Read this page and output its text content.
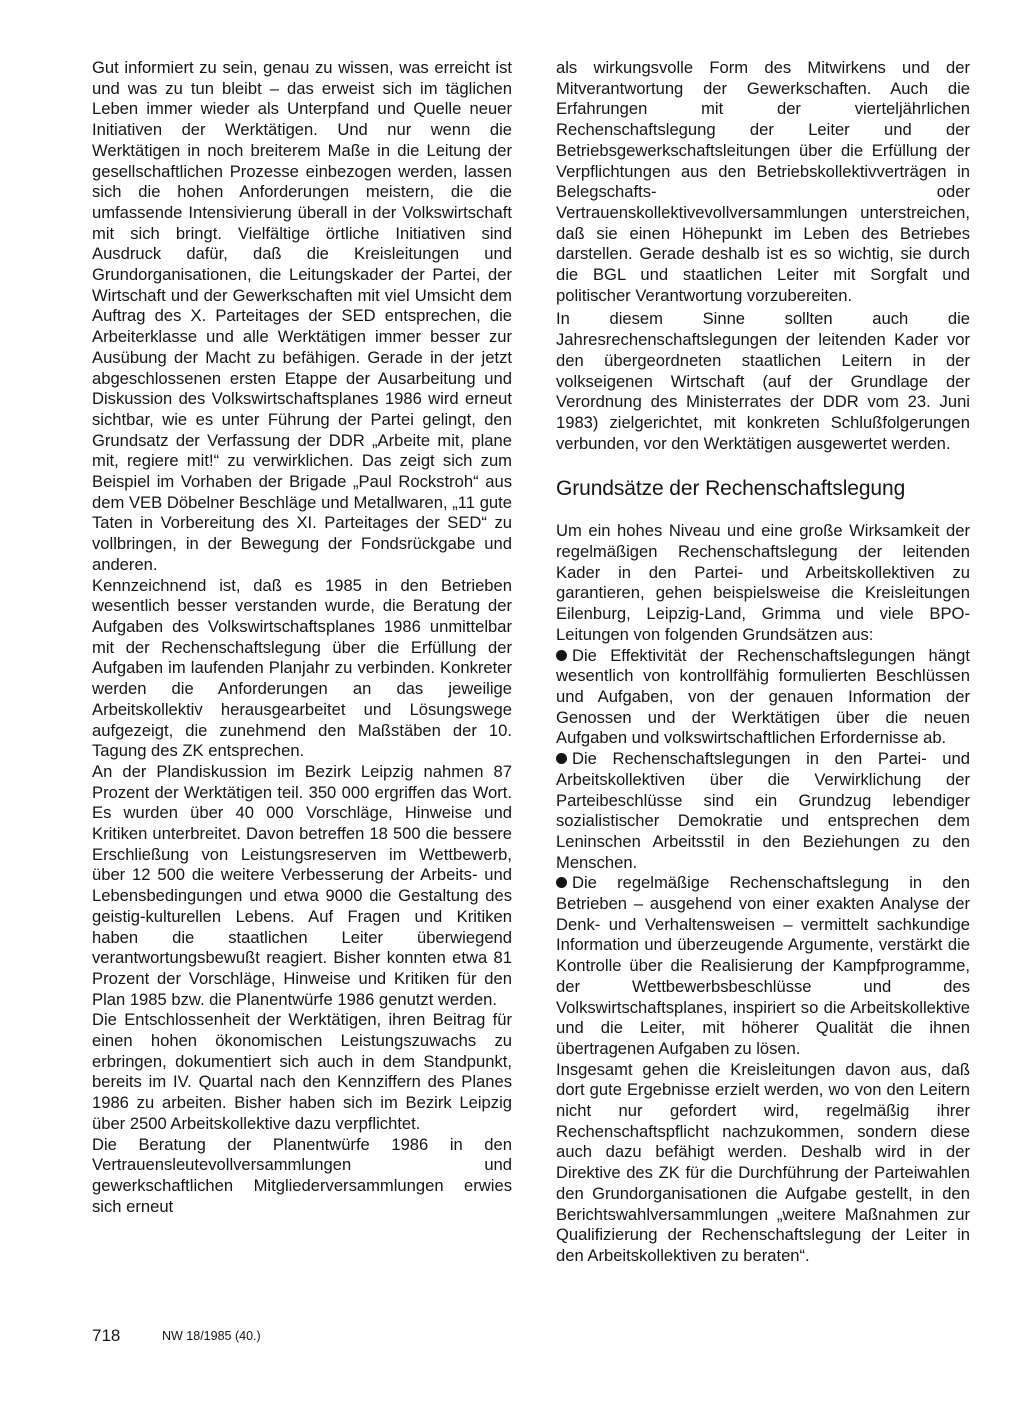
Gut informiert zu sein, genau zu wissen, was erreicht ist und was zu tun bleibt – das erweist sich im täglichen Leben immer wieder als Unterpfand und Quelle neuer Initiativen der Werktätigen. Und nur wenn die Werktätigen in noch breiterem Maße in die Leitung der gesellschaftlichen Prozesse einbezogen werden, lassen sich die hohen Anforderungen meistern, die die umfassende Intensivierung überall in der Volkswirtschaft mit sich bringt. Vielfältige örtliche Initiativen sind Ausdruck dafür, daß die Kreisleitungen und Grundorganisationen, die Leitungskader der Partei, der Wirtschaft und der Gewerkschaften mit viel Umsicht dem Auftrag des X. Parteitages der SED entsprechen, die Arbeiterklasse und alle Werktätigen immer besser zur Ausübung der Macht zu befähigen. Gerade in der jetzt abgeschlossenen ersten Etappe der Ausarbeitung und Diskussion des Volkswirtschaftsplanes 1986 wird erneut sichtbar, wie es unter Führung der Partei gelingt, den Grundsatz der Verfassung der DDR „Arbeite mit, plane mit, regiere mit!“ zu verwirklichen. Das zeigt sich zum Beispiel im Vorhaben der Brigade „Paul Rockstroh“ aus dem VEB Döbelner Beschläge und Metallwaren, „11 gute Taten in Vorbereitung des XI. Parteitages der SED“ zu vollbringen, in der Bewegung der Fondsrückgabe und anderen.

Kennzeichnend ist, daß es 1985 in den Betrieben wesentlich besser verstanden wurde, die Beratung der Aufgaben des Volkswirtschaftsplanes 1986 unmittelbar mit der Rechenschaftslegung über die Erfüllung der Aufgaben im laufenden Planjahr zu verbinden. Konkreter werden die Anforderungen an das jeweilige Arbeitskollektiv herausgearbeitet und Lösungswege aufgezeigt, die zunehmend den Maßstäben der 10. Tagung des ZK entsprechen.

An der Plandiskussion im Bezirk Leipzig nahmen 87 Prozent der Werktätigen teil. 350 000 ergriffen das Wort. Es wurden über 40 000 Vorschläge, Hinweise und Kritiken unterbreitet. Davon betreffen 18 500 die bessere Erschließung von Leistungsreserven im Wettbewerb, über 12 500 die weitere Verbesserung der Arbeits- und Lebensbedingungen und etwa 9000 die Gestaltung des geistig-kulturellen Lebens. Auf Fragen und Kritiken haben die staatlichen Leiter überwiegend verantwortungsbewußt reagiert. Bisher konnten etwa 81 Prozent der Vorschläge, Hinweise und Kritiken für den Plan 1985 bzw. die Planentwürfe 1986 genutzt werden.

Die Entschlossenheit der Werktätigen, ihren Beitrag für einen hohen ökonomischen Leistungszuwachs zu erbringen, dokumentiert sich auch in dem Standpunkt, bereits im IV. Quartal nach den Kennziffern des Planes 1986 zu arbeiten. Bisher haben sich im Bezirk Leipzig über 2500 Arbeitskollektive dazu verpflichtet.

Die Beratung der Planentwürfe 1986 in den Vertrauensleutevollversammlungen und gewerkschaftlichen Mitgliederversammlungen erwies sich erneut

als wirkungsvolle Form des Mitwirkens und der Mitverantwortung der Gewerkschaften. Auch die Erfahrungen mit der vierteljährlichen Rechenschaftslegung der Leiter und der Betriebsgewerkschaftsleitungen über die Erfüllung der Verpflichtungen aus den Betriebskollektivverträgen in Belegschafts- oder Vertrauenskollektivevollversammlungen unterstreichen, daß sie einen Höhepunkt im Leben des Betriebes darstellen. Gerade deshalb ist es so wichtig, sie durch die BGL und staatlichen Leiter mit Sorgfalt und politischer Verantwortung vorzubereiten.

In diesem Sinne sollten auch die Jahresrechenschaftslegungen der leitenden Kader vor den übergeordneten staatlichen Leitern in der volkseigenen Wirtschaft (auf der Grundlage der Verordnung des Ministerrates der DDR vom 23. Juni 1983) zielgerichtet, mit konkreten Schlußfolgerungen verbunden, vor den Werktätigen ausgewertet werden.

Grundsätze der Rechenschaftslegung

Um ein hohes Niveau und eine große Wirksamkeit der regelmäßigen Rechenschaftslegung der leitenden Kader in den Partei- und Arbeitskollektiven zu garantieren, gehen beispielsweise die Kreisleitungen Eilenburg, Leipzig-Land, Grimma und viele BPO-Leitungen von folgenden Grundsätzen aus:

Die Effektivität der Rechenschaftslegungen hängt wesentlich von kontrollfähig formulierten Beschlüssen und Aufgaben, von der genauen Information der Genossen und der Werktätigen über die neuen Aufgaben und volkswirtschaftlichen Erfordernisse ab.

Die Rechenschaftslegungen in den Partei- und Arbeitskollektiven über die Verwirklichung der Parteibeschlüsse sind ein Grundzug lebendiger sozialistischer Demokratie und entsprechen dem Leninschen Arbeitsstil in den Beziehungen zu den Menschen.

Die regelmäßige Rechenschaftslegung in den Betrieben – ausgehend von einer exakten Analyse der Denk- und Verhaltensweisen – vermittelt sachkundige Information und überzeugende Argumente, verstärkt die Kontrolle über die Realisierung der Kampfprogramme, der Wettbewerbsbeschlüsse und des Volkswirtschaftsplanes, inspiriert so die Arbeitskollektive und die Leiter, mit höherer Qualität die ihnen übertragenen Aufgaben zu lösen.

Insgesamt gehen die Kreisleitungen davon aus, daß dort gute Ergebnisse erzielt werden, wo von den Leitern nicht nur gefordert wird, regelmäßig ihrer Rechenschaftspflicht nachzukommen, sondern diese auch dazu befähigt werden. Deshalb wird in der Direktive des ZK für die Durchführung der Parteiwahlen den Grundorganisationen die Aufgabe gestellt, in den Berichtswahlversammlungen „weitere Maßnahmen zur Qualifizierung der Rechenschaftslegung der Leiter in den Arbeitskollektiven zu beraten“.

718	NW 18/1985 (40.)
